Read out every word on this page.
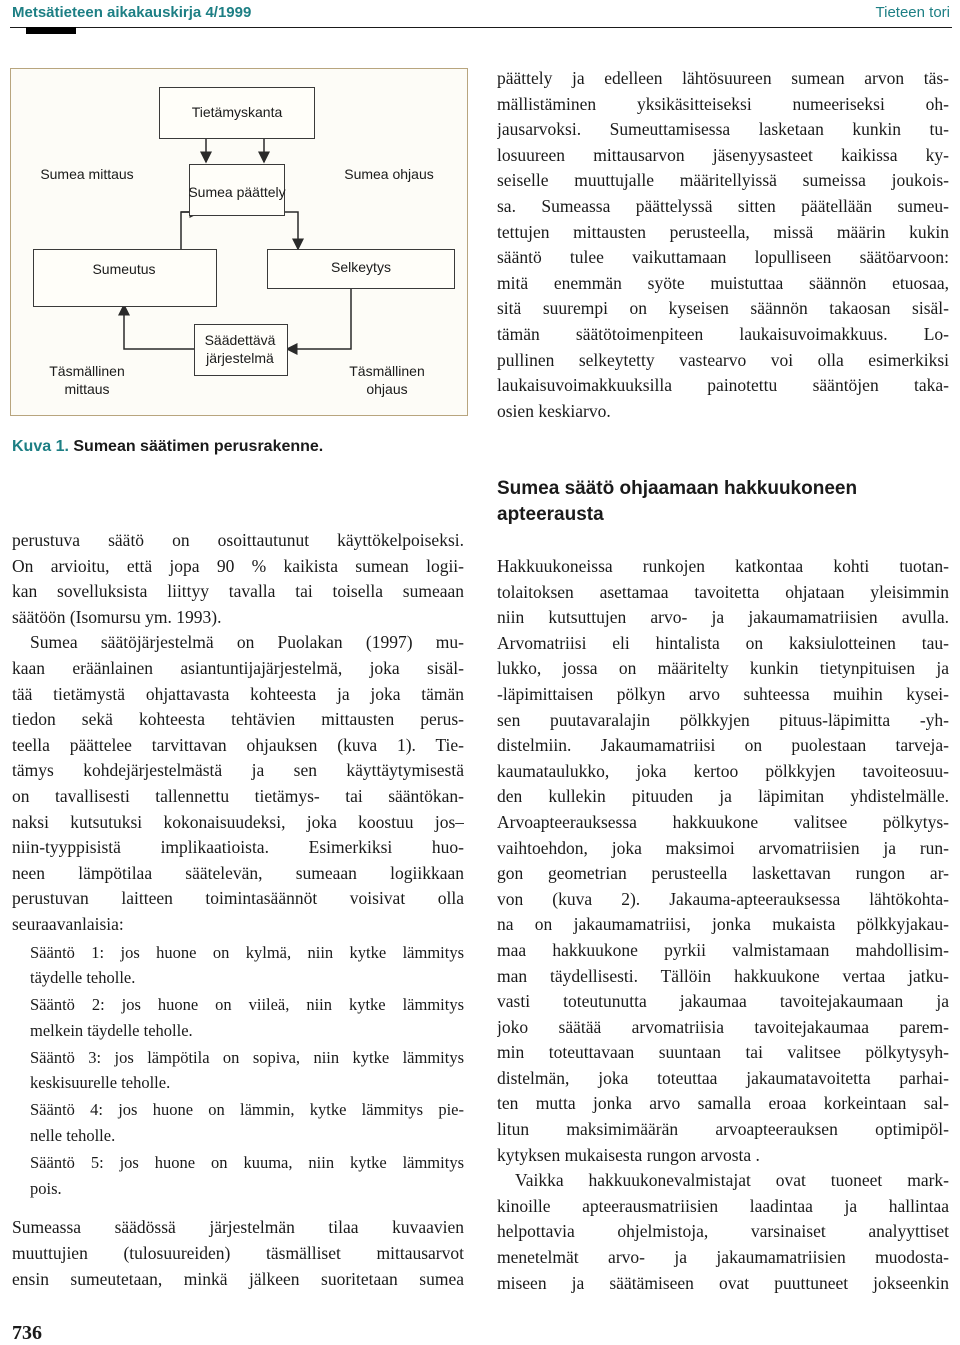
Metsätieteen aikakauskirja 4/1999	Tieteen tori
Tietämyskanta
Sumea päättely
Sumea mittaus	Sumea ohjaus
Sumeutus	Selkeytys
Säädettävä
järjestelmä
Täsmällinen
mittaus
Täsmällinen
ohjaus
Kuva 1. Sumean säätimen perusrakenne.
perustuva säätö on osoittautunut käyttökelpoiseksi.
On arvioitu, että jopa 90 % kaikista sumean logii-
kan sovelluksista liittyy tavalla tai toisella sumeaan
säätöön (Isomursu ym. 1993).
Sumea säätöjärjestelmä on Puolakan (1997) mu-
kaan eräänlainen asiantuntijajärjestelmä, joka sisäl-
tää tietämystä ohjattavasta kohteesta ja joka tämän
tiedon sekä kohteesta tehtävien mittausten perus-
teella päättelee tarvittavan ohjauksen (kuva 1). Tie-
tämys kohdejärjestelmästä ja sen käyttäytymisestä
on tavallisesti tallennettu tietämys- tai sääntökan-
naksi kutsutuksi kokonaisuudeksi, joka koostuu jos–
niin-tyyppisistä implikaatioista. Esimerkiksi huo-
neen lämpötilaa säätelevän, sumeaan logiikkaan
perustuvan laitteen toimintasäännöt voisivat olla
seuraavanlaisia:
Sääntö 1: jos huone on kylmä, niin kytke lämmitys
täydelle teholle.
Sääntö 2: jos huone on viileä, niin kytke lämmitys
melkein täydelle teholle.
Sääntö 3: jos lämpötila on sopiva, niin kytke lämmitys
keskisuurelle teholle.
Sääntö 4: jos huone on lämmin, kytke lämmitys pie-
nelle teholle.
Sääntö 5: jos huone on kuuma, niin kytke lämmitys
pois.
Sumeassa säädössä järjestelmän tilaa kuvaavien
muuttujien (tulosuureiden) täsmälliset mittausarvot
ensin sumeutetaan, minkä jälkeen suoritetaan sumea
päättely ja edelleen lähtösuureen sumean arvon täs-
mällistäminen yksikäsitteiseksi numeeriseksi oh-
jausarvoksi. Sumeuttamisessa lasketaan kunkin tu-
losuureen mittausarvon jäsenyysasteet kaikissa ky-
seiselle muuttujalle määritellyissä sumeissa joukois-
sa. Sumeassa päättelyssä sitten päätellään sumeu-
tettujen mittausten perusteella, missä määrin kukin
sääntö tulee vaikuttamaan lopulliseen säätöarvoon:
mitä enemmän syöte muistuttaa säännön etuosaa,
sitä suurempi on kyseisen säännön takaosan sisäl-
tämän säätötoimenpiteen laukaisuvoimakkuus. Lo-
pullinen selkeytetty vastearvo voi olla esimerkiksi
laukaisuvoimakkuuksilla painotettu sääntöjen taka-
osien keskiarvo.
Sumea säätö ohjaamaan hakkuukoneen apteerausta
Hakkuukoneissa runkojen katkontaa kohti tuotan-
tolaitoksen asettamaa tavoitetta ohjataan yleisimmin
niin kutsuttujen arvo- ja jakaumamatriisien avulla.
Arvomatriisi eli hintalista on kaksiulotteinen tau-
lukko, jossa on määritelty kunkin tietynpituisen ja
-läpimittaisen pölkyn arvo suhteessa muihin kysei-
sen puutavaralajin pölkkyjen pituus-läpimitta -yh-
distelmiin. Jakaumamatriisi on puolestaan tarveja-
kaumataulukko, joka kertoo pölkkyjen tavoiteosuu-
den kullekin pituuden ja läpimitan yhdistelmälle.
Arvoapteerauksessa hakkuukone valitsee pölkytys-
vaihtoehdon, joka maksimoi arvomatriisien ja run-
gon geometrian perusteella laskettavan rungon ar-
von (kuva 2). Jakauma-apteerauksessa lähtökohta-
na on jakaumamatriisi, jonka mukaista pölkkyjakau-
maa hakkuukone pyrkii valmistamaan mahdollisim-
man täydellisesti. Tällöin hakkuukone vertaa jatku-
vasti toteutunutta jakaumaa tavoitejakaumaan ja
joko säätää arvomatriisia tavoitejakaumaa parem-
min toteuttavaan suuntaan tai valitsee pölkytysyh-
distelmän, joka toteuttaa jakaumatavoitetta parhai-
ten mutta jonka arvo samalla eroaa korkeintaan sal-
litun maksimimäärän arvoapteerauksen optimipöl-
kytyksen mukaisesta rungon arvosta .
Vaikka hakkuukonevalmistajat ovat tuoneet mark-
kinoille apteerausmatriisien laadintaa ja hallintaa
helpottavia ohjelmistoja, varsinaiset analyyttiset
menetelmät arvo- ja jakaumamatriisien muodosta-
miseen ja säätämiseen ovat puuttuneet jokseenkin
736
